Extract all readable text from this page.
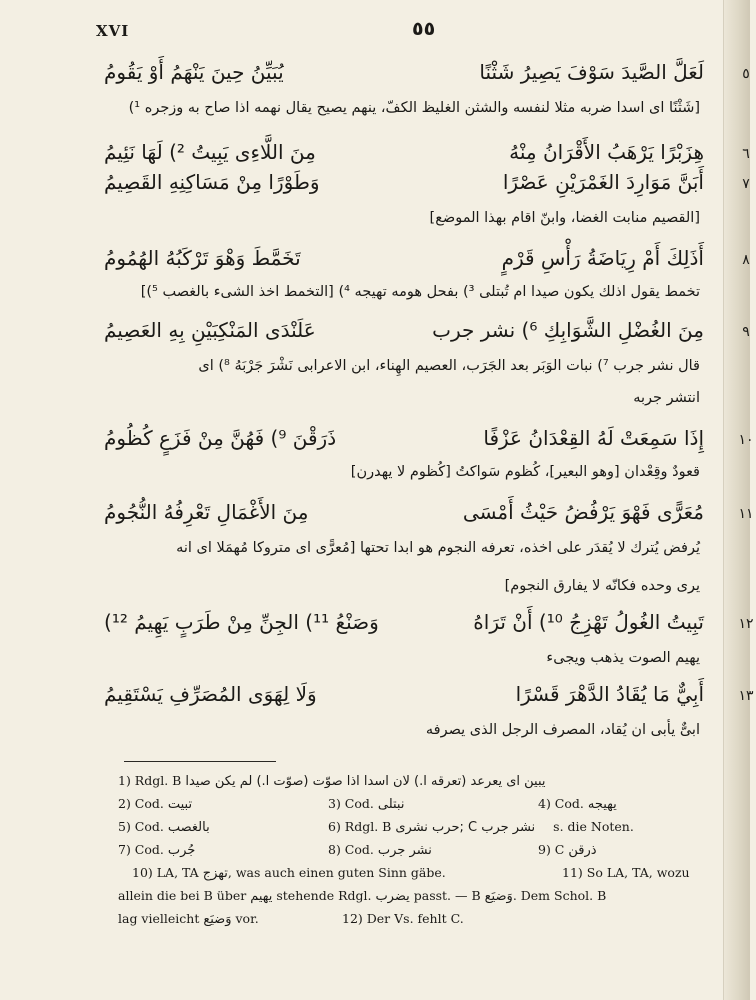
XVI	٥٥
٥
لَعَلَّ الصَّيدَ سَوْفَ يَصِيرُ شَثْنًا
يُبَيِّنُ حِينَ يَنْهَمُ أَوْ يَقُومُ
[شَثْنًا اى اسدا ضربه مثلا لنفسه والشثن الغليظ الكفّ، ينهم يصيح يقال نهمه اذا صاح به وزجره ¹)
٦
هِزَبْرًا يَرْهَبُ الأَقْرَانُ مِنْهُ
مِنَ اللَّاءِى يَبِيتُ ²) لَهَا نَئِيمُ
٧
أَبَنَّ مَوَارِدَ الغَمْرَيْنِ عَصْرًا
وَطَوْرًا مِنْ مَسَاكِنِهِ القَصِيمُ
[القصيم منابت الغضا، وابنّ اقام بهذا الموضع]
٨
أَذَلِكَ أَمْ رِيَاضَةُ رَأْسِ قَرْمٍ
تَخَمَّطَ وَهْوَ تَرْكَبُهُ الهُمُومُ
تخمط يقول اذلك يكون صيدا ام تُبتلى ³) بفحل هومه تهيجه ⁴) [التخمط اخذ الشىء بالغصب ⁵)]
٩
مِنَ الغُضْلِ الشَّوَابِكِ ⁶) نشر جرب
عَلَنْدَى المَنْكِبَيْنِ بِهِ العَصِيمُ
قال نشر جرب ⁷) نبات الوَبَر بعد الجَرَب، العصيم الهِناء، ابن الاعرابى نَشْرَ جَرْبَهُ ⁸) اى
انتشر جربه
١٠
إِذَا سَمِعَتْ لَهُ القِعْدَانُ عَزْفًا
ذَرَقْنَ ⁹) فَهُنَّ مِنْ فَزَعٍ كُظُومُ
قعودٌ وقِعْدان [وهو البعير]، كُظوم سَواكتُ [كُظوم لا يهدرن]
١١
مُعَرًّى فَهْوَ يَرْفُضُ حَيْثُ أَمْسَى
مِنَ الأَغْمَالِ تَعْرِفُهُ النُّجُومُ
يُرفض يُترك لا يُقدَر على اخذه، تعرفه النجوم هو ابدا تحتها [مُعرًّى اى متروكا مُهمَلا اى انه
يرى وحده فكانّه لا يفارق النجوم]
١٢
تَبِيتُ الغُولُ تَهْزِجُ ¹⁰) أَنْ تَرَاهُ
وَصَنْعُ ¹¹) الجِنِّ مِنْ طَرَبٍ يَهِيمُ ¹²)
يهيم الصوت يذهب ويجىء
١٣
أَبِيٌّ مَا يُقَادُ الدَّهْرَ قَسْرًا
وَلَا لِهَوَى المُصَرِّفِ يَسْتَقِيمُ
ابىٌّ يأبى ان يُقاد، المصرف الرجل الذى يصرفه
1) Rdgl. B يبين اى يعرعد (تعرقه l.) لان اسدا اذا صوّت (صوّت l.) لم يكن صيدا
2) Cod. تبيت	3) Cod. نبتلى	4) Cod. يهيجه
5) Cod. بالغصب	6) Rdgl. B نشر جرب C ;حرب نشرى s. die Noten.
7) Cod. جُرب	8) Cod. نشر جرب	9) C ذرقن
10) LA, TA تهزج, was auch einen guten Sinn gäbe.	11) So LA, TA, wozu
allein die bei B über يهيم stehende Rdgl. يضرب passt. — B وَضيَع. Dem Schol. B
lag vielleicht وَضيَع vor.	12) Der Vs. fehlt C.
